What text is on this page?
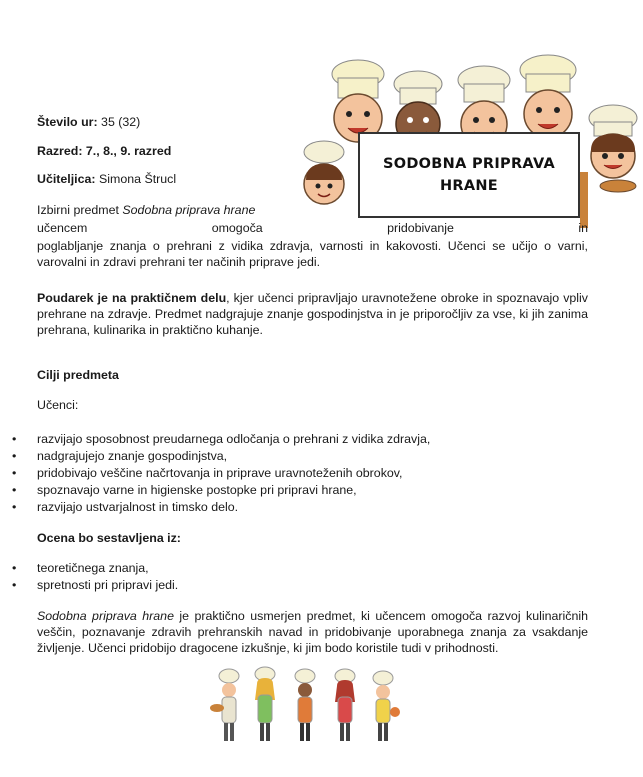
Število ur: 35 (32)

Razred: 7., 8., 9. razred

Učiteljica: Simona Štrucl

SODOBNA PRIPRAVA
HRANE

Izbirni predmet Sodobna priprava hrane

učencem omogoča pridobivanje in

poglabljanje znanja o prehrani z vidika zdravja, varnosti in kakovosti. Učenci se učijo o varni, varovalni in zdravi prehrani ter načinih priprave jedi.

Poudarek je na praktičnem delu, kjer učenci pripravljajo uravnotežene obroke in spoznavajo vpliv prehrane na zdravje. Predmet nadgrajuje znanje gospodinjstva in je priporočljiv za vse, ki jih zanima prehrana, kulinarika in praktično kuhanje.

Cilji predmeta

Učenci:

• razvijajo sposobnost preudarnega odločanja o prehrani z vidika zdravja,
• nadgrajujejo znanje gospodinjstva,
• pridobivajo veščine načrtovanja in priprave uravnoteženih obrokov,
• spoznavajo varne in higienske postopke pri pripravi hrane,
• razvijajo ustvarjalnost in timsko delo.

Ocena bo sestavljena iz:

• teoretičnega znanja,
• spretnosti pri pripravi jedi.

Sodobna priprava hrane je praktično usmerjen predmet, ki učencem omogoča razvoj kulinaričnih veščin, poznavanje zdravih prehranskih navad in pridobivanje uporabnega znanja za vsakdanje življenje. Učenci pridobijo dragocene izkušnje, ki jim bodo koristile tudi v prihodnosti.
